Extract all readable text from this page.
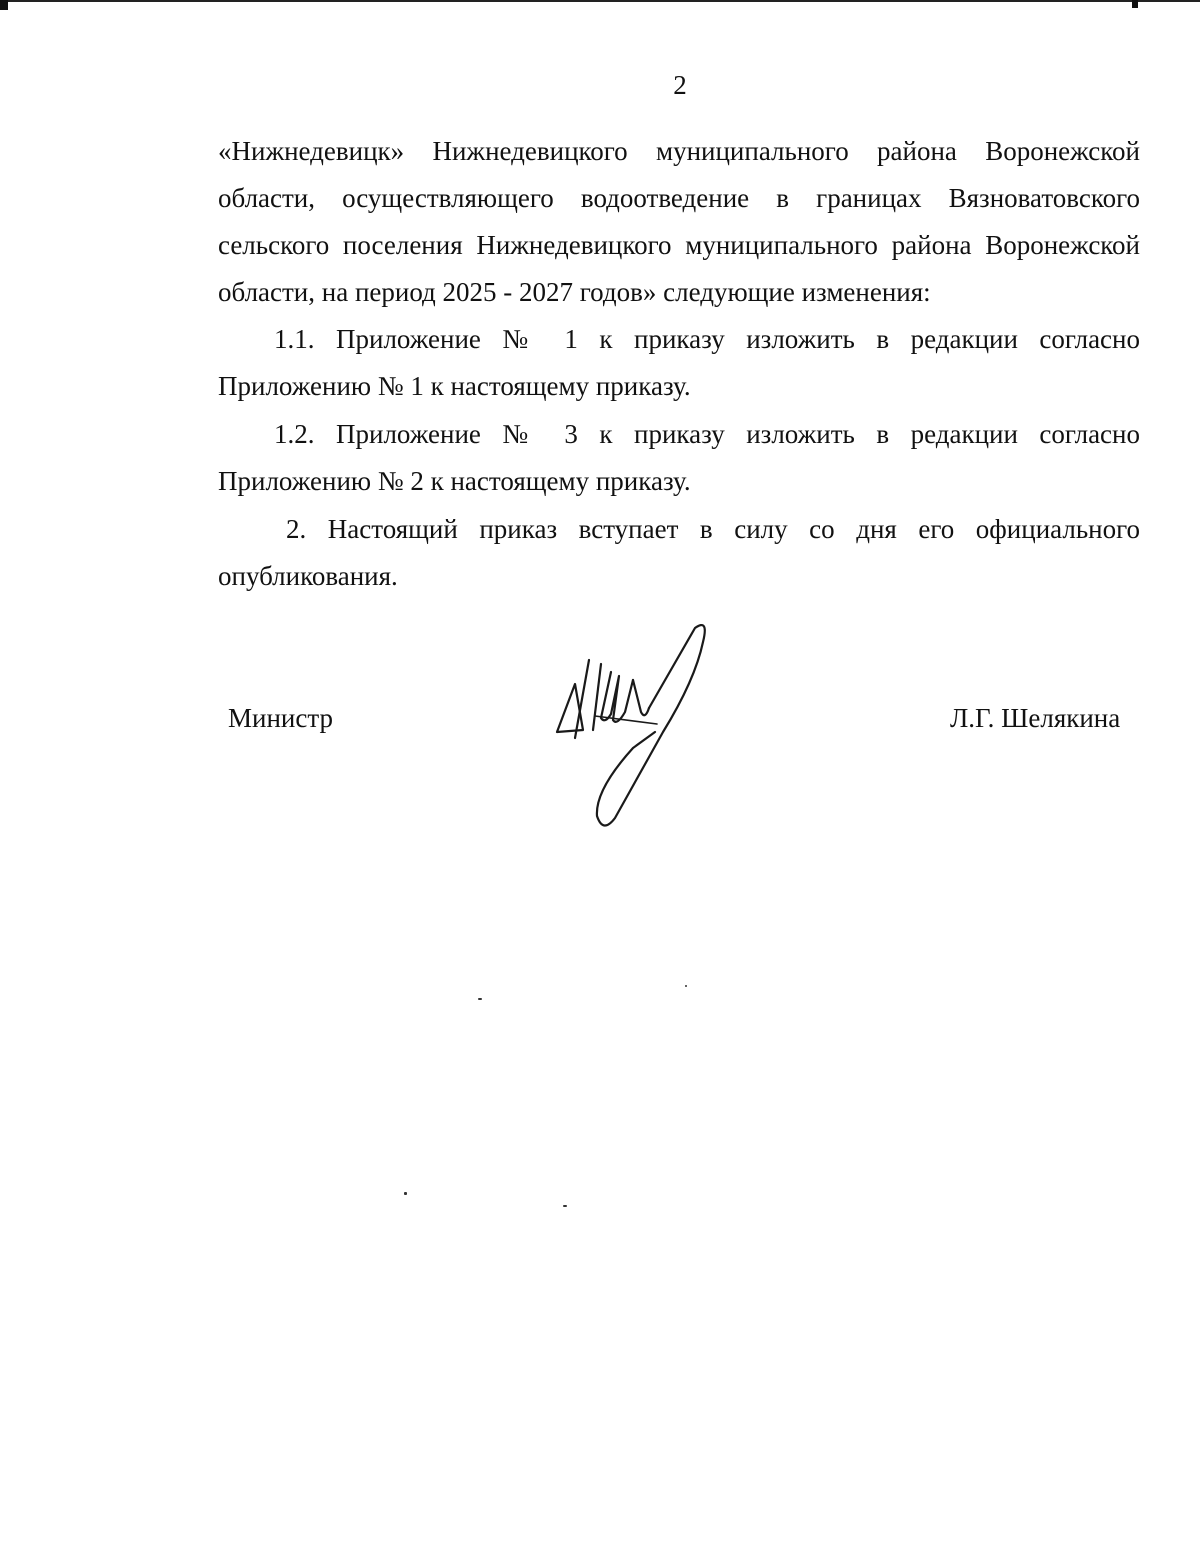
2

«Нижнедевицк» Нижнедевицкого муниципального района Воронежской области, осуществляющего водоотведение в границах Вязноватовского сельского поселения Нижнедевицкого муниципального района Воронежской области, на период 2025 - 2027 годов» следующие изменения:

1.1. Приложение № 1 к приказу изложить в редакции согласно Приложению № 1 к настоящему приказу.

1.2. Приложение № 3 к приказу изложить в редакции согласно Приложению № 2 к настоящему приказу.

2. Настоящий приказ вступает в силу со дня его официального опубликования.

Министр	Л.Г. Шелякина
